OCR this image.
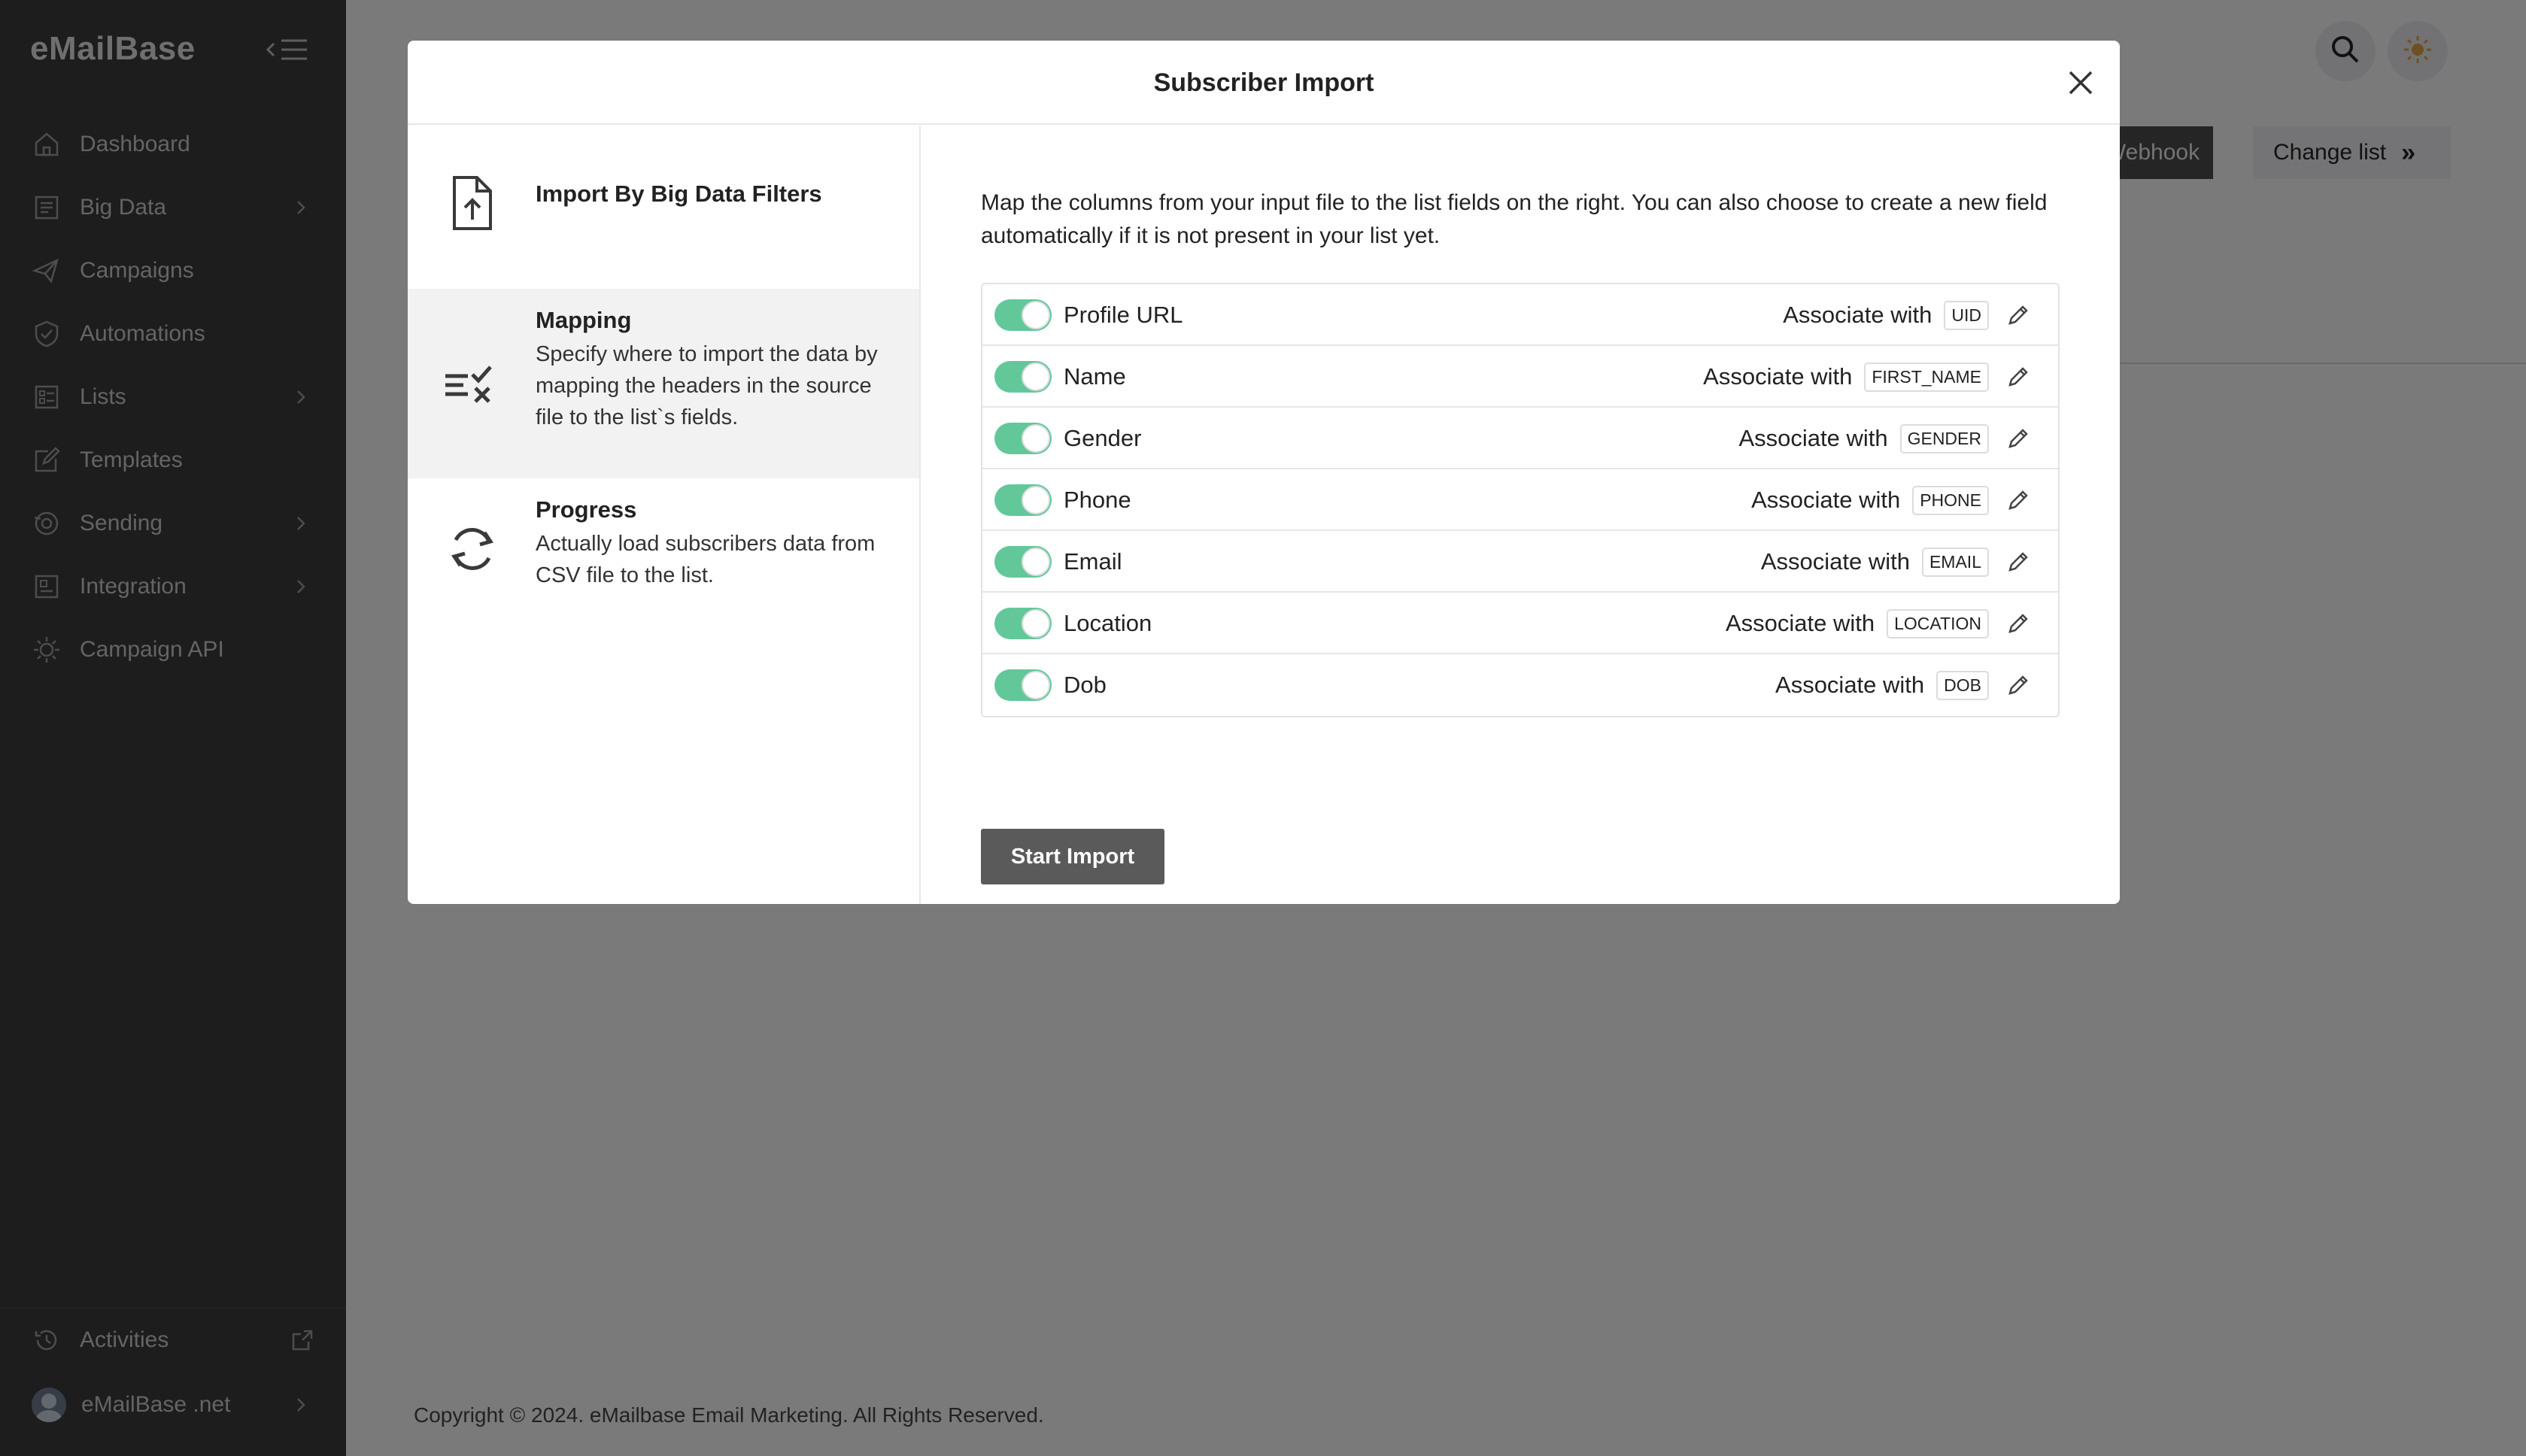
Subscriber Import
Import By Big Data Filters
Mapping
Specify where to import the data by mapping the headers in the source file to the list`s fields.
Progress
Actually load subscribers data from CSV file to the list.
Map the columns from your input file to the list fields on the right. You can also choose to create a new field automatically if it is not present in your list yet.
Profile URL	Associate with	UID
Name	Associate with	FIRST_NAME
Gender	Associate with	GENDER
Phone	Associate with	PHONE
Email	Associate with	EMAIL
Location	Associate with	LOCATION
Dob	Associate with	DOB
Start Import
